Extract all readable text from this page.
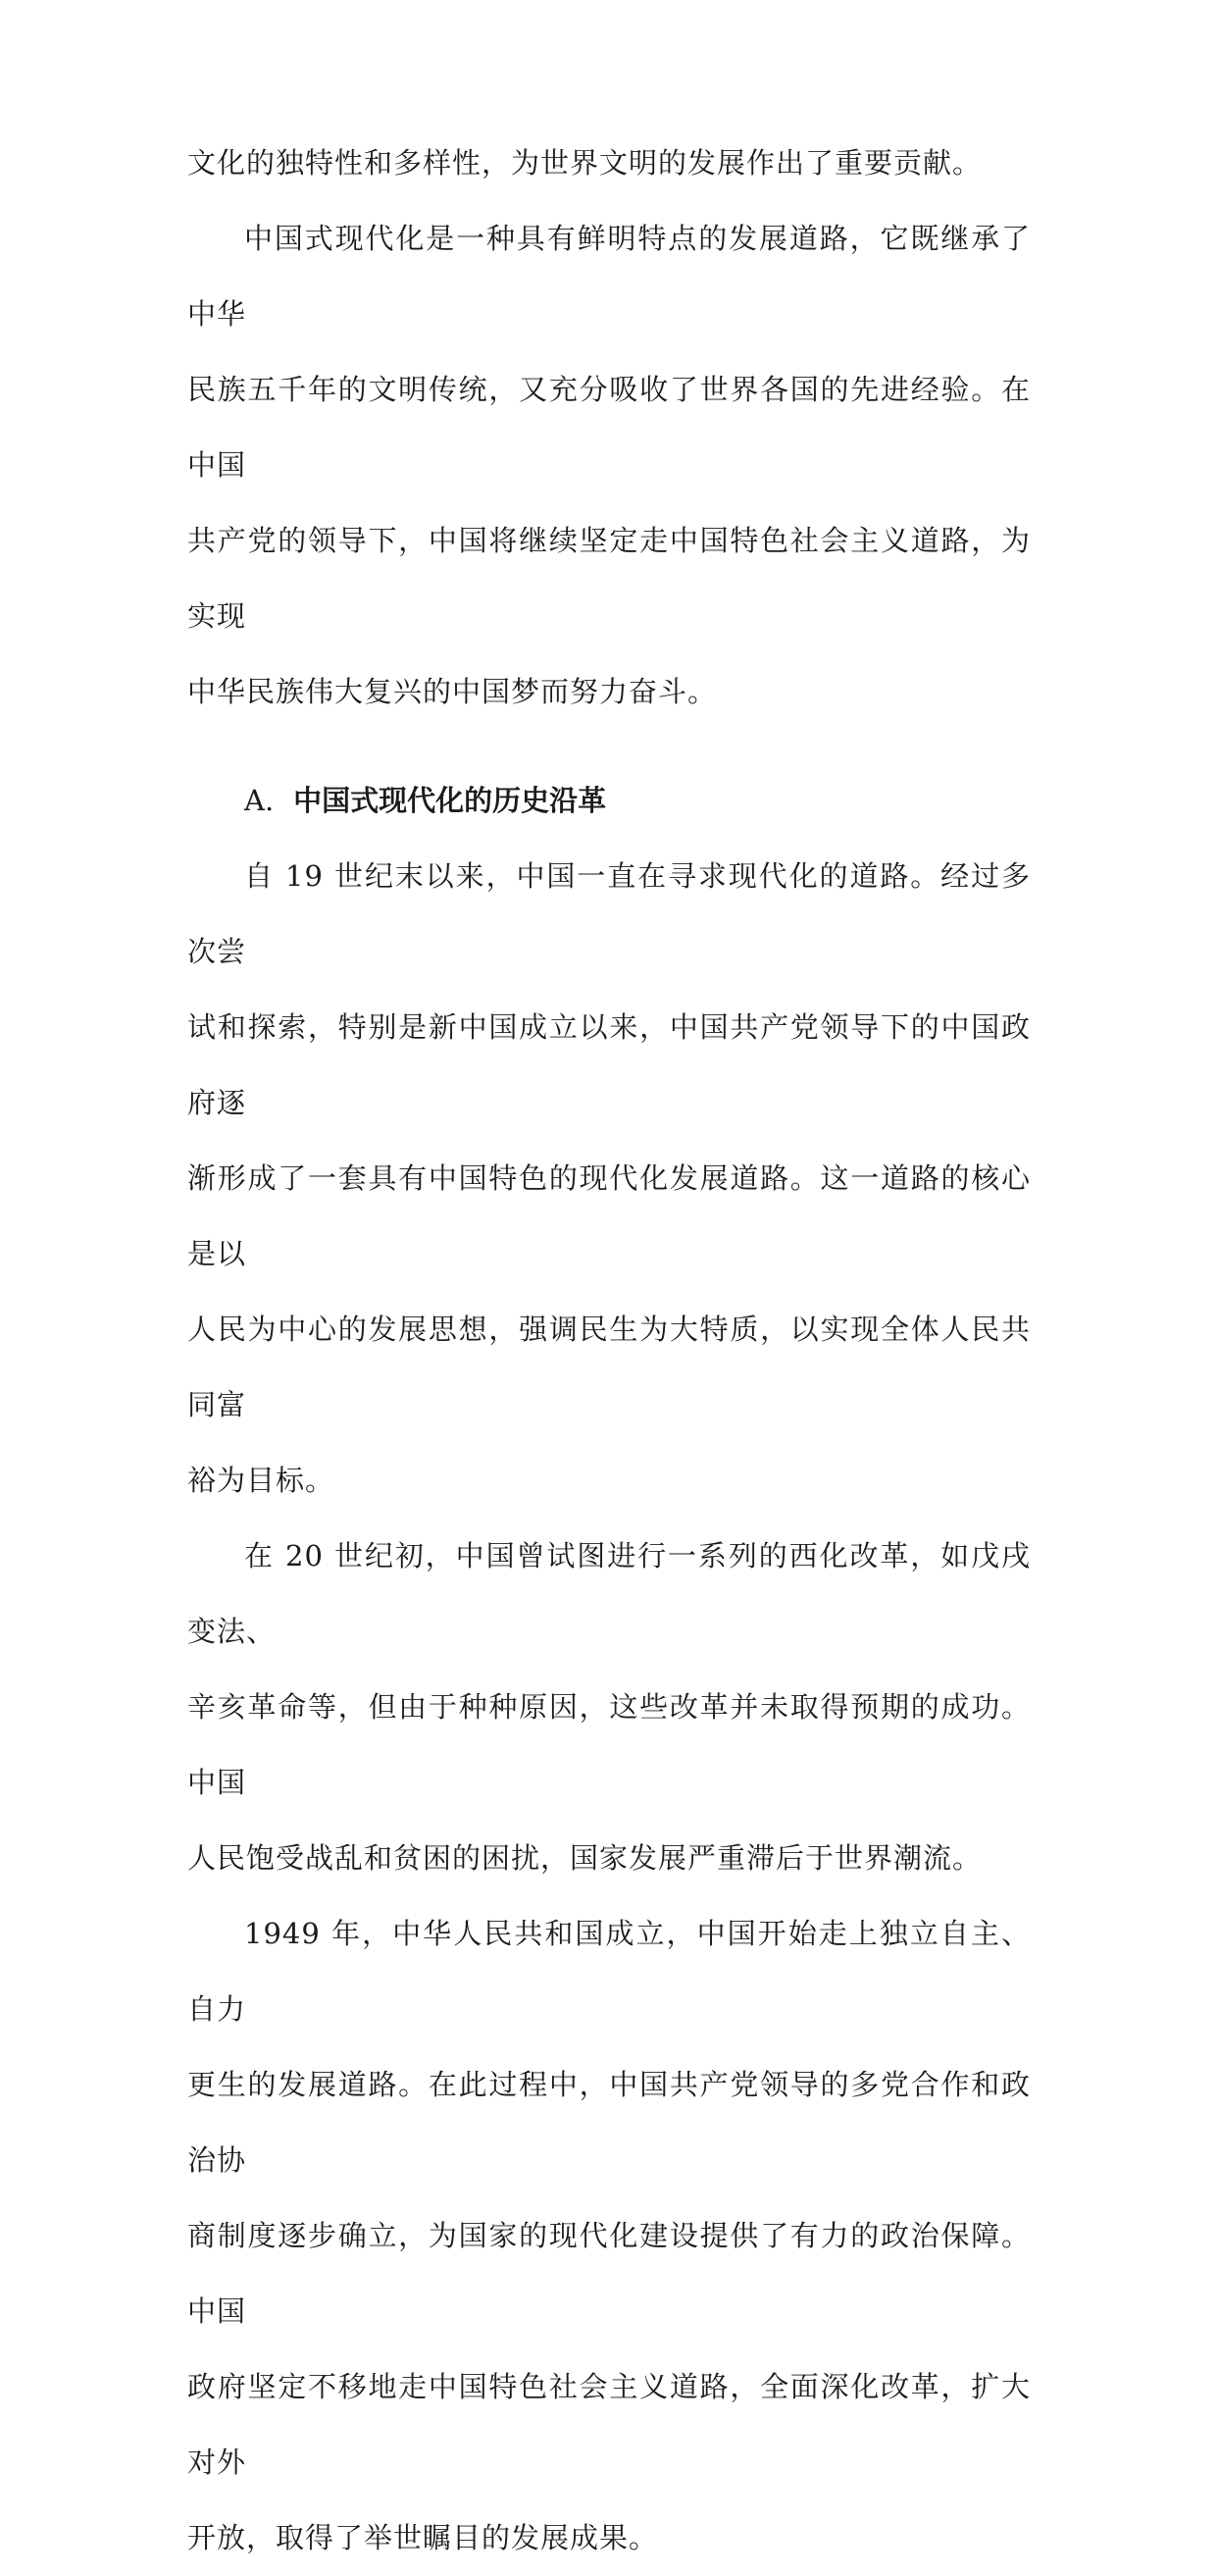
文化的独特性和多样性，为世界文明的发展作出了重要贡献。

中国式现代化是一种具有鲜明特点的发展道路，它既继承了中华
民族五千年的文明传统，又充分吸收了世界各国的先进经验。在中国
共产党的领导下，中国将继续坚定走中国特色社会主义道路，为实现
中华民族伟大复兴的中国梦而努力奋斗。

A. 中国式现代化的历史沿革

自 19 世纪末以来，中国一直在寻求现代化的道路。经过多次尝
试和探索，特别是新中国成立以来，中国共产党领导下的中国政府逐
渐形成了一套具有中国特色的现代化发展道路。这一道路的核心是以
人民为中心的发展思想，强调民生为大特质，以实现全体人民共同富
裕为目标。

在 20 世纪初，中国曾试图进行一系列的西化改革，如戊戌变法、
辛亥革命等，但由于种种原因，这些改革并未取得预期的成功。中国
人民饱受战乱和贫困的困扰，国家发展严重滞后于世界潮流。

1949 年，中华人民共和国成立，中国开始走上独立自主、自力
更生的发展道路。在此过程中，中国共产党领导的多党合作和政治协
商制度逐步确立，为国家的现代化建设提供了有力的政治保障。中国
政府坚定不移地走中国特色社会主义道路，全面深化改革，扩大对外
开放，取得了举世瞩目的发展成果。
